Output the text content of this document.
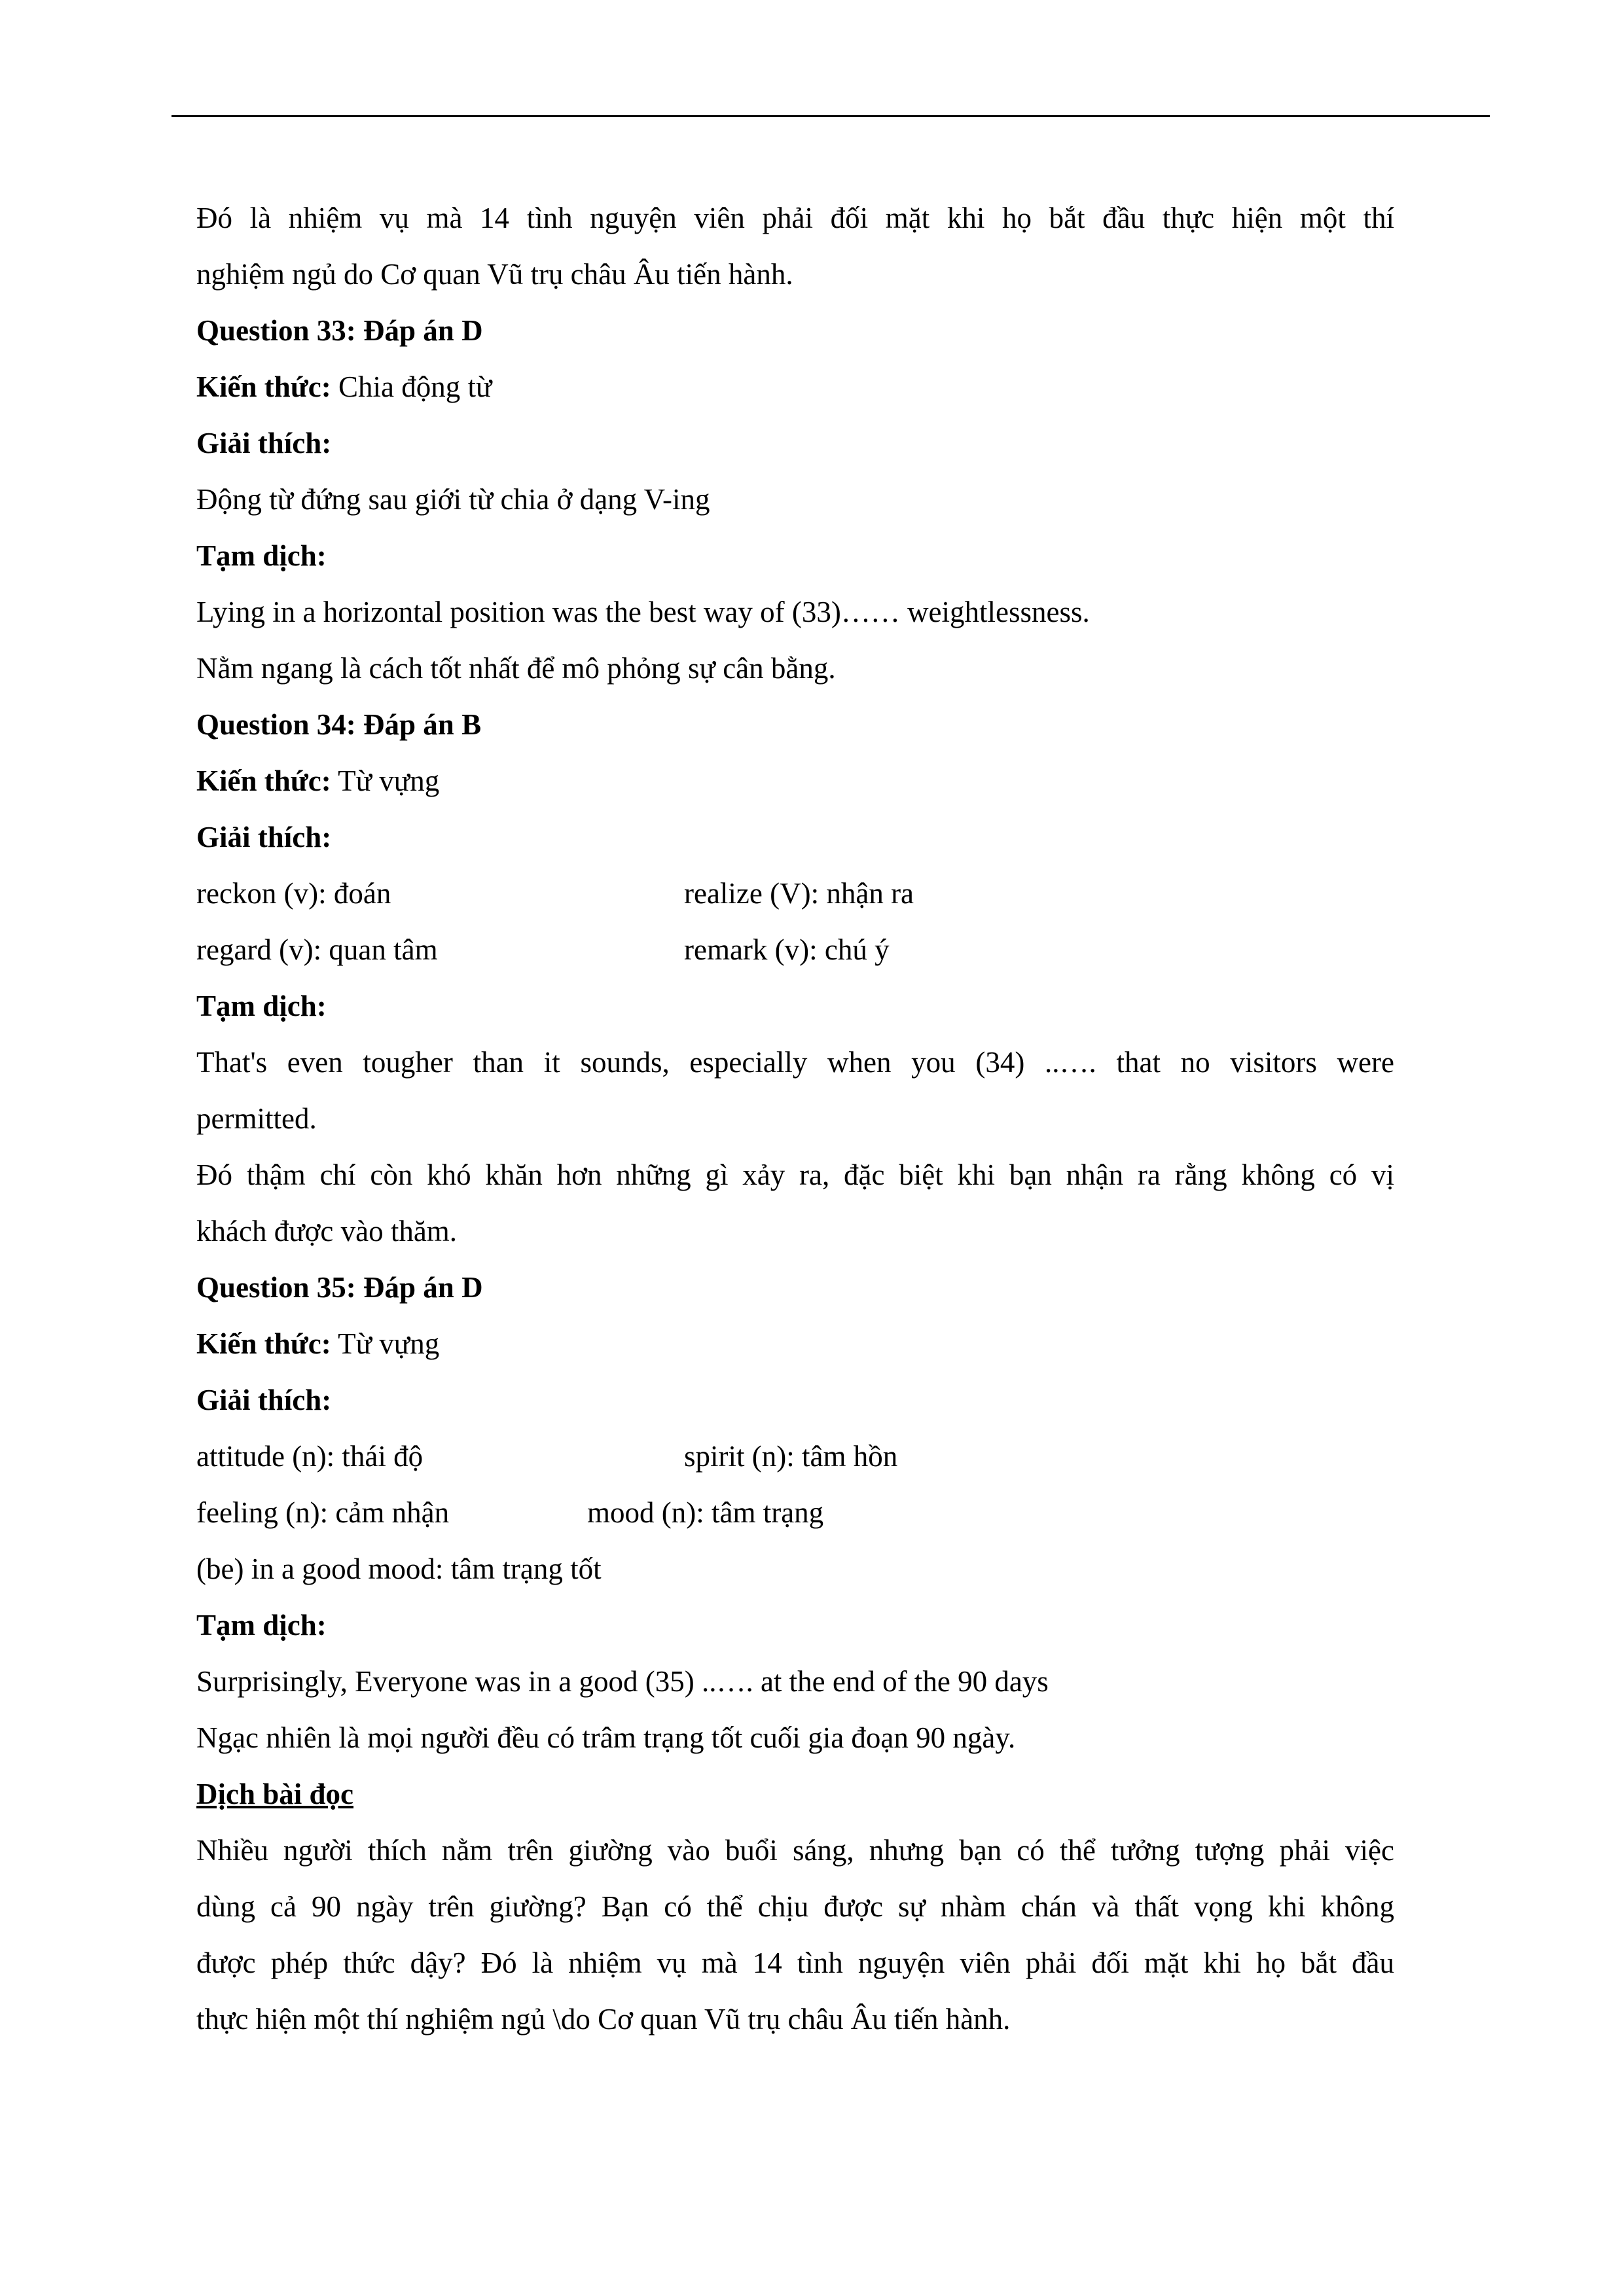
Đó là nhiệm vụ mà 14 tình nguyện viên phải đối mặt khi họ bắt đầu thực hiện một thí
nghiệm ngủ do Cơ quan Vũ trụ châu Âu tiến hành.
Question 33: Đáp án D
Kiến thức: Chia động từ
Giải thích:
Động từ đứng sau giới từ chia ở dạng V-ing
Tạm dịch:
Lying in a horizontal position was the best way of (33)…… weightlessness.
Nằm ngang là cách tốt nhất để mô phỏng sự cân bằng.
Question 34: Đáp án B
Kiến thức: Từ vựng
Giải thích:
reckon (v): đoán	realize (V): nhận ra
regard (v): quan tâm	remark (v): chú ý
Tạm dịch:
That's even tougher than it sounds, especially when you (34) ..…. that no visitors were
permitted.
Đó thậm chí còn khó khăn hơn những gì xảy ra, đặc biệt khi bạn nhận ra rằng không có vị
khách được vào thăm.
Question 35: Đáp án D
Kiến thức: Từ vựng
Giải thích:
attitude (n): thái độ	spirit (n): tâm hồn
feeling (n): cảm nhận	mood (n): tâm trạng
(be) in a good mood: tâm trạng tốt
Tạm dịch:
Surprisingly, Everyone was in a good (35) ..…. at the end of the 90 days
Ngạc nhiên là mọi người đều có trâm trạng tốt cuối gia đoạn 90 ngày.
Dịch bài đọc
Nhiều người thích nằm trên giường vào buổi sáng, nhưng bạn có thể tưởng tượng phải việc
dùng cả 90 ngày trên giường? Bạn có thể chịu được sự nhàm chán và thất vọng khi không
được phép thức dậy? Đó là nhiệm vụ mà 14 tình nguyện viên phải đối mặt khi họ bắt đầu
thực hiện một thí nghiệm ngủ \do Cơ quan Vũ trụ châu Âu tiến hành.
